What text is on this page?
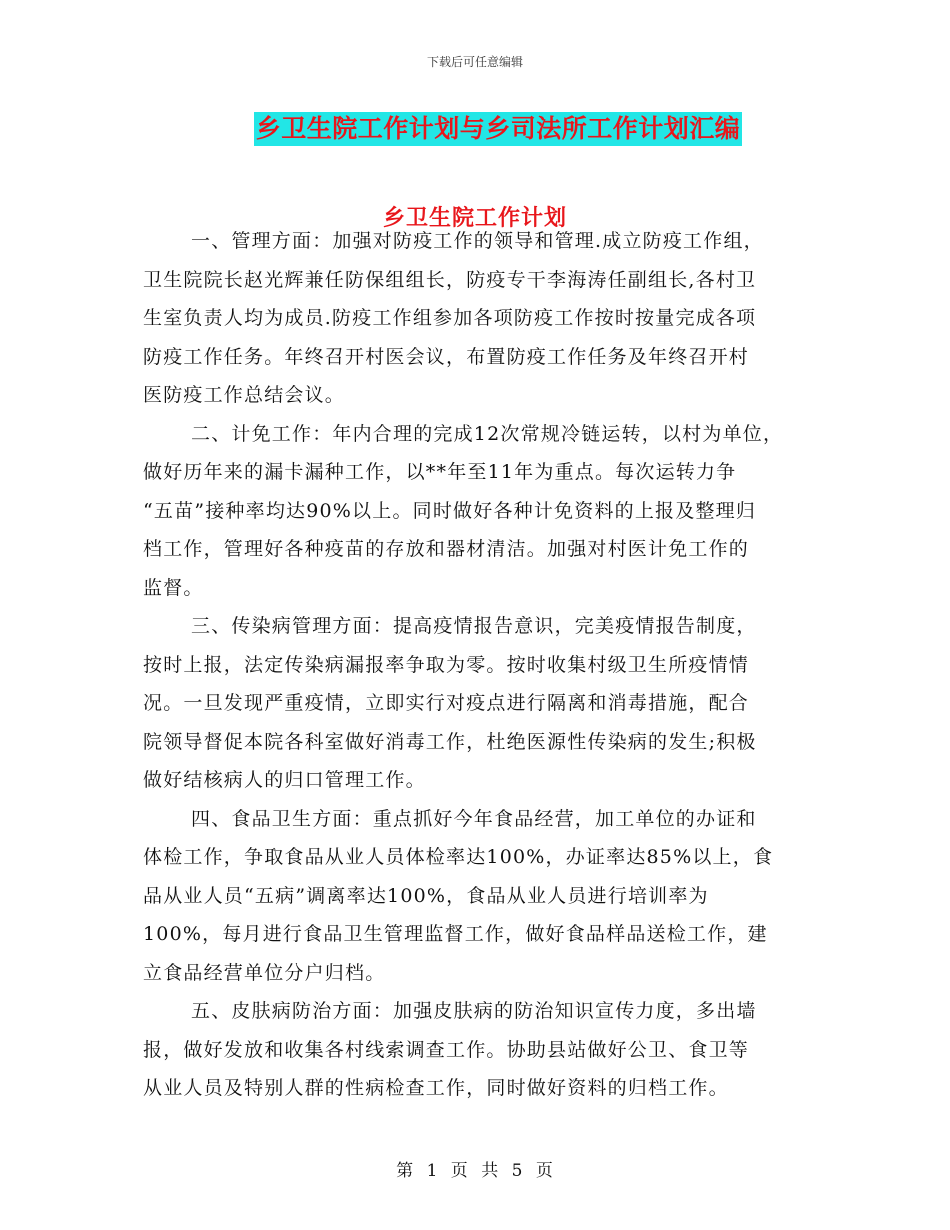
下载后可任意编辑
乡卫生院工作计划与乡司法所工作计划汇编
乡卫生院工作计划

一、管理方面：加强对防疫工作的领导和管理.成立防疫工作组，
卫生院院长赵光辉兼任防保组组长，防疫专干李海涛任副组长,各村卫
生室负责人均为成员.防疫工作组参加各项防疫工作按时按量完成各项
防疫工作任务。年终召开村医会议，布置防疫工作任务及年终召开村
医防疫工作总结会议。

二、计免工作：年内合理的完成12次常规冷链运转，以村为单位，
做好历年来的漏卡漏种工作，以**年至11年为重点。每次运转力争
“五苗”接种率均达90%以上。同时做好各种计免资料的上报及整理归
档工作，管理好各种疫苗的存放和器材清洁。加强对村医计免工作的
监督。

三、传染病管理方面：提高疫情报告意识，完美疫情报告制度，
按时上报，法定传染病漏报率争取为零。按时收集村级卫生所疫情情
况。一旦发现严重疫情，立即实行对疫点进行隔离和消毒措施，配合
院领导督促本院各科室做好消毒工作，杜绝医源性传染病的发生;积极
做好结核病人的归口管理工作。

四、食品卫生方面：重点抓好今年食品经营，加工单位的办证和
体检工作，争取食品从业人员体检率达100%，办证率达85%以上，食
品从业人员“五病”调离率达100%，食品从业人员进行培训率为
100%，每月进行食品卫生管理监督工作，做好食品样品送检工作，建
立食品经营单位分户归档。

五、皮肤病防治方面：加强皮肤病的防治知识宣传力度，多出墙
报，做好发放和收集各村线索调查工作。协助县站做好公卫、食卫等
从业人员及特别人群的性病检查工作，同时做好资料的归档工作。

第 1 页 共 5 页
